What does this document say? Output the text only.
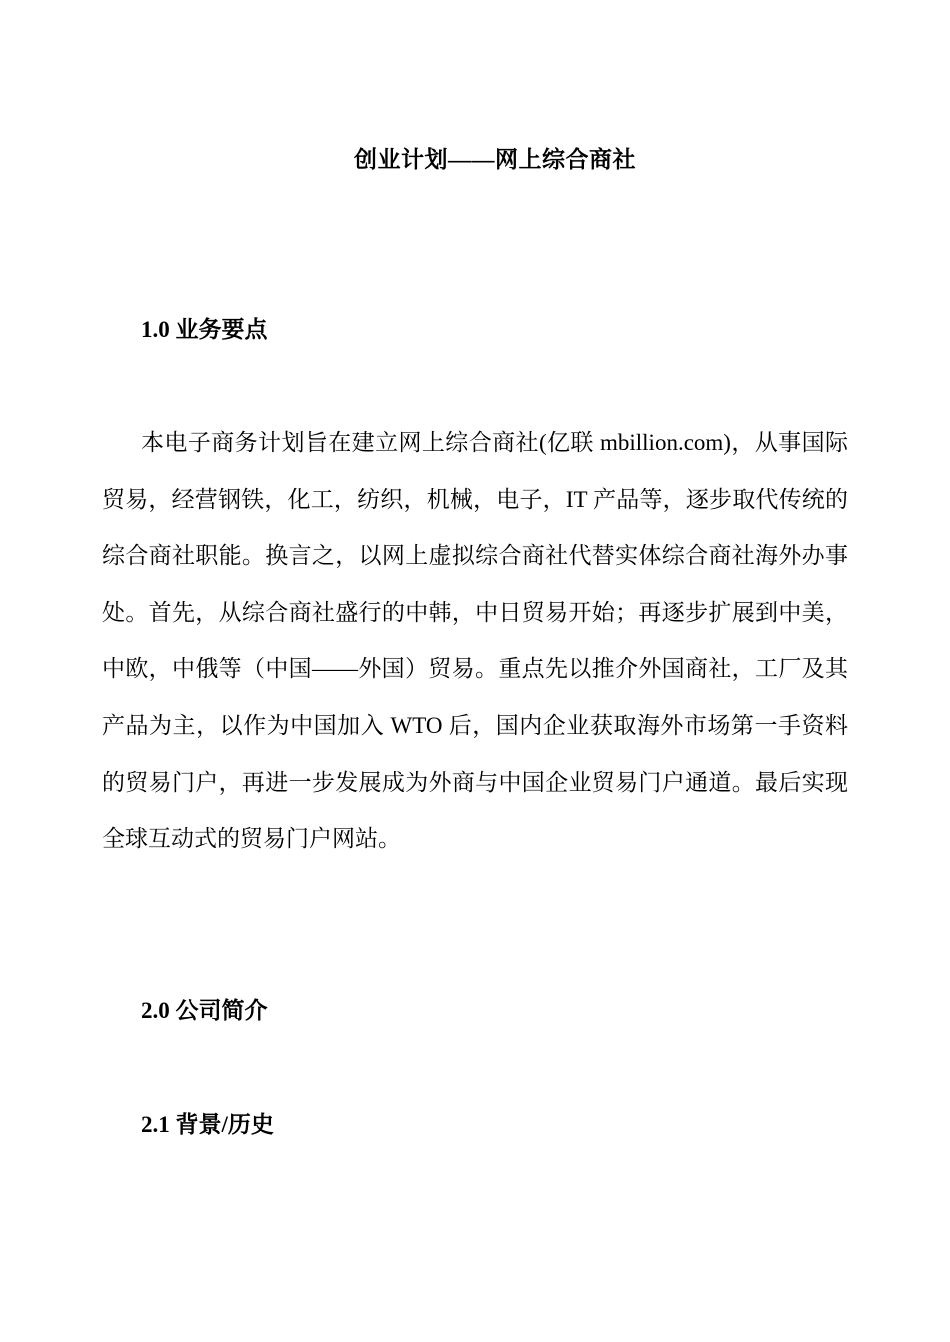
创业计划——网上综合商社
1.0 业务要点

本电子商务计划旨在建立网上综合商社(亿联 mbillion.com)，从事国际贸易，经营钢铁，化工，纺织，机械，电子，IT 产品等，逐步取代传统的综合商社职能。换言之，以网上虚拟综合商社代替实体综合商社海外办事处。首先，从综合商社盛行的中韩，中日贸易开始；再逐步扩展到中美，中欧，中俄等（中国——外国）贸易。重点先以推介外国商社，工厂及其产品为主，以作为中国加入 WTO 后，国内企业获取海外市场第一手资料的贸易门户，再进一步发展成为外商与中国企业贸易门户通道。最后实现全球互动式的贸易门户网站。

2.0 公司简介
2.1 背景/历史
